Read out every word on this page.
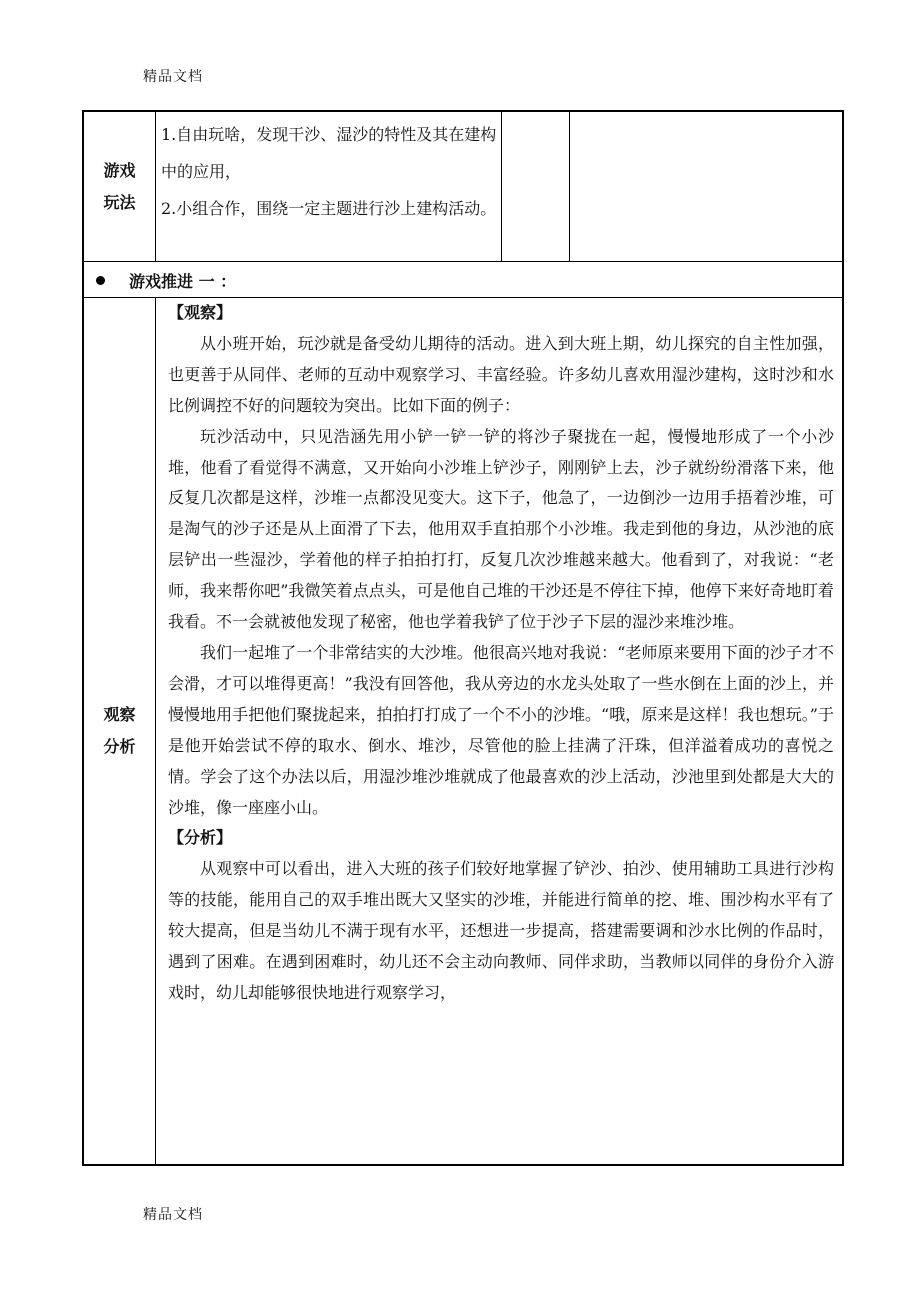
精品文档
游戏
玩法

1.自由玩啥，发现干沙、湿沙的特性及其在建构中的应用，

2.小组合作，围绕一定主题进行沙上建构活动。

游戏推进 一 ：
观察
分析

【观察】

从小班开始，玩沙就是备受幼儿期待的活动。进入到大班上期，幼儿探究的自主性加强，也更善于从同伴、老师的互动中观察学习、丰富经验。许多幼儿喜欢用湿沙建构，这时沙和水比例调控不好的问题较为突出。比如下面的例子：

玩沙活动中，只见浩涵先用小铲一铲一铲的将沙子聚拢在一起，慢慢地形成了一个小沙堆，他看了看觉得不满意，又开始向小沙堆上铲沙子，刚刚铲上去，沙子就纷纷滑落下来，他反复几次都是这样，沙堆一点都没见变大。这下子，他急了，一边倒沙一边用手捂着沙堆，可是淘气的沙子还是从上面滑了下去，他用双手直拍那个小沙堆。我走到他的身边，从沙池的底层铲出一些湿沙，学着他的样子拍拍打打，反复几次沙堆越来越大。他看到了，对我说：“老师，我来帮你吧”我微笑着点点头，可是他自己堆的干沙还是不停往下掉，他停下来好奇地盯着我看。不一会就被他发现了秘密，他也学着我铲了位于沙子下层的湿沙来堆沙堆。

我们一起堆了一个非常结实的大沙堆。他很高兴地对我说：“老师原来要用下面的沙子才不会滑，才可以堆得更高！”我没有回答他，我从旁边的水龙头处取了一些水倒在上面的沙上，并慢慢地用手把他们聚拢起来，拍拍打打成了一个不小的沙堆。“哦，原来是这样！我也想玩。”于是他开始尝试不停的取水、倒水、堆沙，尽管他的脸上挂满了汗珠，但洋溢着成功的喜悦之情。学会了这个办法以后，用湿沙堆沙堆就成了他最喜欢的沙上活动，沙池里到处都是大大的沙堆，像一座座小山。

【分析】

从观察中可以看出，进入大班的孩子们较好地掌握了铲沙、拍沙、使用辅助工具进行沙构等的技能，能用自己的双手堆出既大又坚实的沙堆，并能进行简单的挖、堆、围沙构水平有了较大提高，但是当幼儿不满于现有水平，还想进一步提高，搭建需要调和沙水比例的作品时，遇到了困难。在遇到困难时，幼儿还不会主动向教师、同伴求助，当教师以同伴的身份介入游戏时，幼儿却能够很快地进行观察学习，

精品文档
